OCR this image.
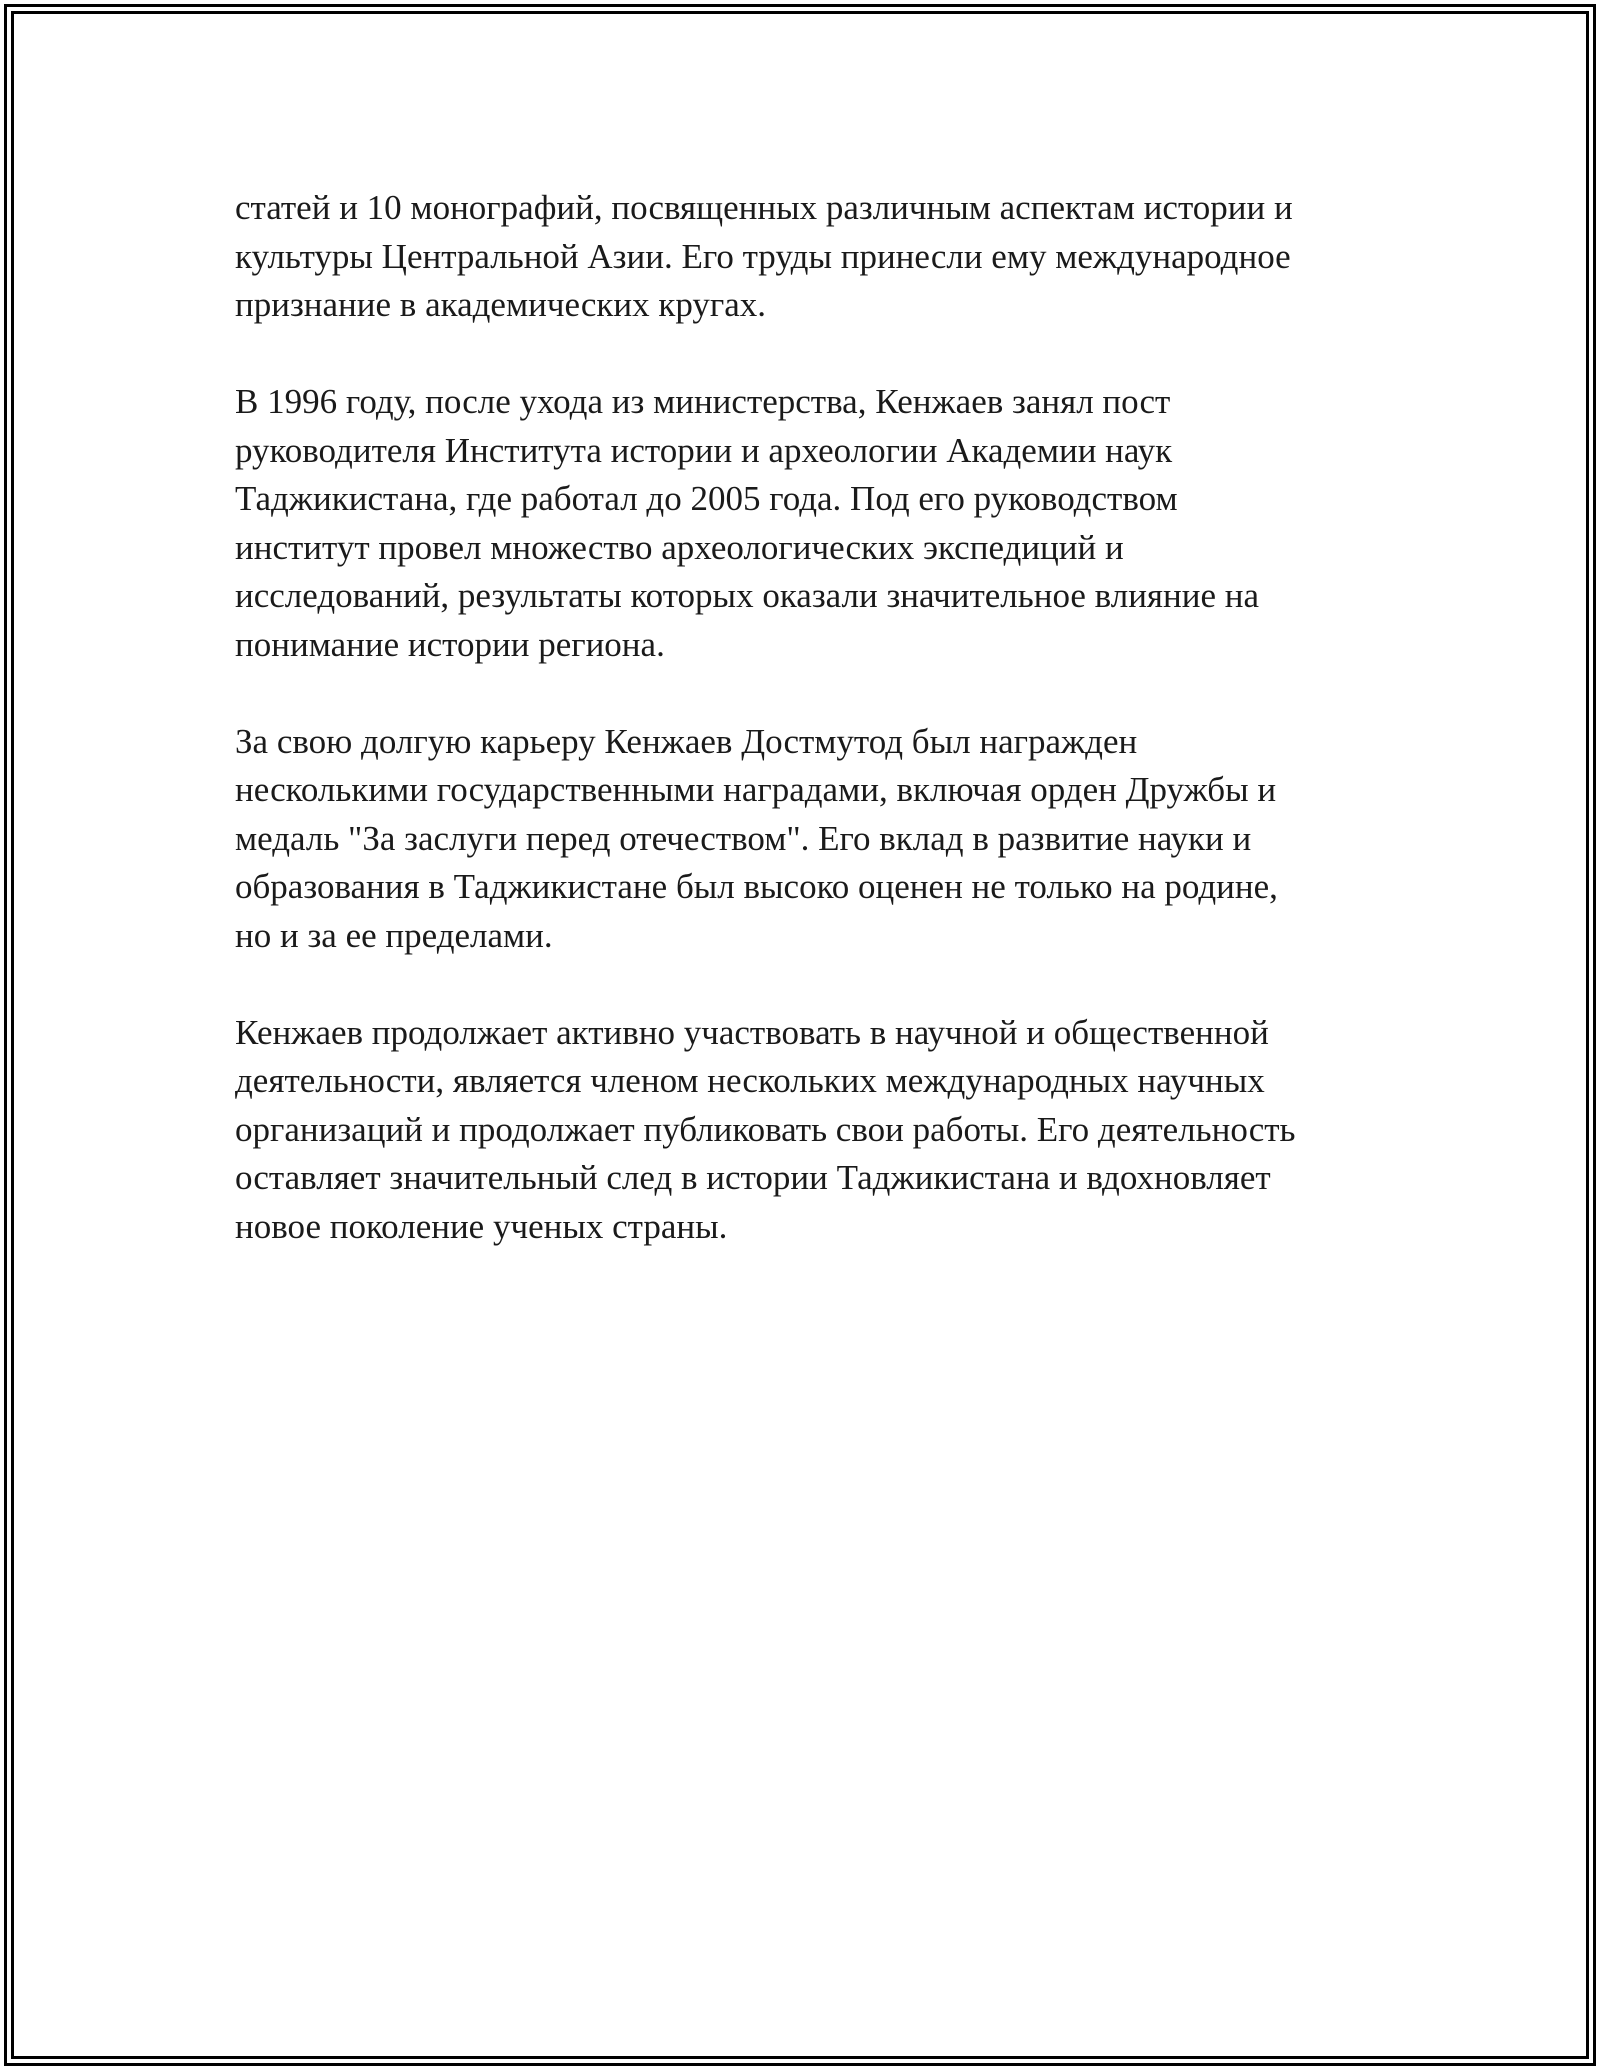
статей и 10 монографий, посвященных различным аспектам истории и
культуры Центральной Азии. Его труды принесли ему международное
признание в академических кругах.

В 1996 году, после ухода из министерства, Кенжаев занял пост
руководителя Института истории и археологии Академии наук
Таджикистана, где работал до 2005 года. Под его руководством
институт провел множество археологических экспедиций и
исследований, результаты которых оказали значительное влияние на
понимание истории региона.

За свою долгую карьеру Кенжаев Достмутод был награжден
несколькими государственными наградами, включая орден Дружбы и
медаль "За заслуги перед отечеством". Его вклад в развитие науки и
образования в Таджикистане был высоко оценен не только на родине,
но и за ее пределами.

Кенжаев продолжает активно участвовать в научной и общественной
деятельности, является членом нескольких международных научных
организаций и продолжает публиковать свои работы. Его деятельность
оставляет значительный след в истории Таджикистана и вдохновляет
новое поколение ученых страны.
